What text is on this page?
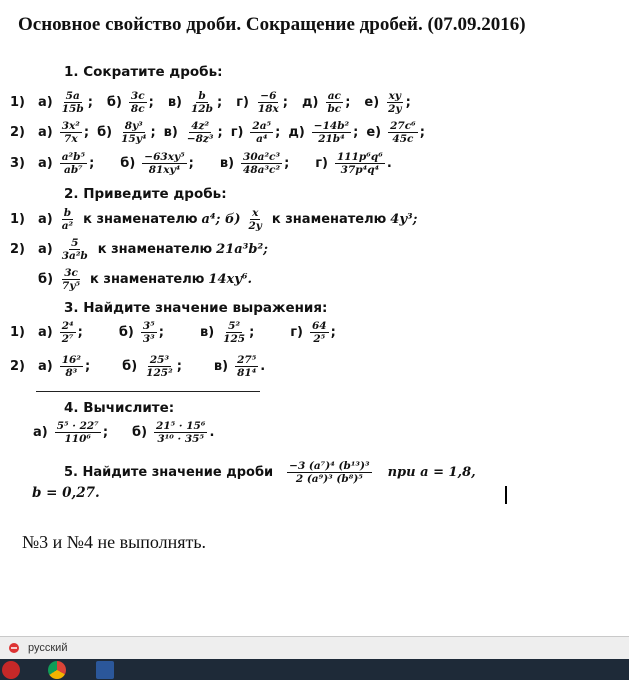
Основное свойство дроби. Сокращение дробей. (07.09.2016)
1. Сократите дробь:
1)	$а) \frac{5a}{15b}$ ; $б) \frac{3c}{8c}$ ; $в) \frac{b}{12b}$ ; $г) \frac{-6}{18x}$ ; $д) \frac{ac}{bc}$ ; $е) \frac{xy}{2y}$ ;
2)	$а) \frac{\text{3x²}}{7x}$ ; $б) \frac{\text{8y³}}{\text{15y⁴}}$ ; $в) \frac{\text{4z²}}{\text{−8z³}}$ ; $г) \frac{\text{2a⁵}}{\text{a⁴}}$ ; $д) \frac{\text{−14b²}}{\text{21b⁴}}$ ; $е) \frac{\text{27c⁶}}{45c}$ ;
3)	$а) \frac{\text{a²b⁵}}{\text{ab⁷}}$ ; $б) \frac{\text{−63xy⁵}}{\text{81xy⁴}}$ ; $в) \frac{\text{30a²c³}}{\text{48a³c²}}$ ; $г) \frac{\text{111p⁶q⁶}}{\text{37p⁴q⁴}}$ .
2. Приведите дробь:
1)	$а) \frac{b}{\text{a²}}$ к знаменателю a⁴; $б) \frac{x}{2y}$ к знаменателю 4y³;
2)	$а) \frac{5}{\text{3a²b}}$ к знаменателю 21a³b²;
$б) \frac{3c}{\text{7y⁵}}$ к знаменателю 14xy⁶.
3. Найдите значение выражения:
1)	$а) \frac{\text{2⁴}}{\text{2⁷}}$ ;	$б) \frac{\text{3⁵}}{\text{3³}}$ ;	$в) \frac{\text{5²}}{125}$ ;	$г) \frac{64}{\text{2⁵}}$ ;
2)	$а) \frac{\text{16²}}{\text{8³}}$ ; $б) \frac{\text{25³}}{\text{125²}}$ ; $в) \frac{\text{27⁵}}{\text{81⁴}}$ .
4. Вычислите:
$а) \frac{\text{5⁵ · 22⁷}}{\text{110⁶}}$ ; $б) \frac{\text{21⁵ · 15⁶}}{\text{3¹⁰ · 35⁵}}$ .
5. Найдите значение дроби $\frac{\text{−3 (a⁷)⁴ (b¹³)³}}{\text{2 (a⁹)³ (b⁸)⁵}}$ при a = 1,8,
b = 0,27.
№3 и №4 не выполнять.
русский
